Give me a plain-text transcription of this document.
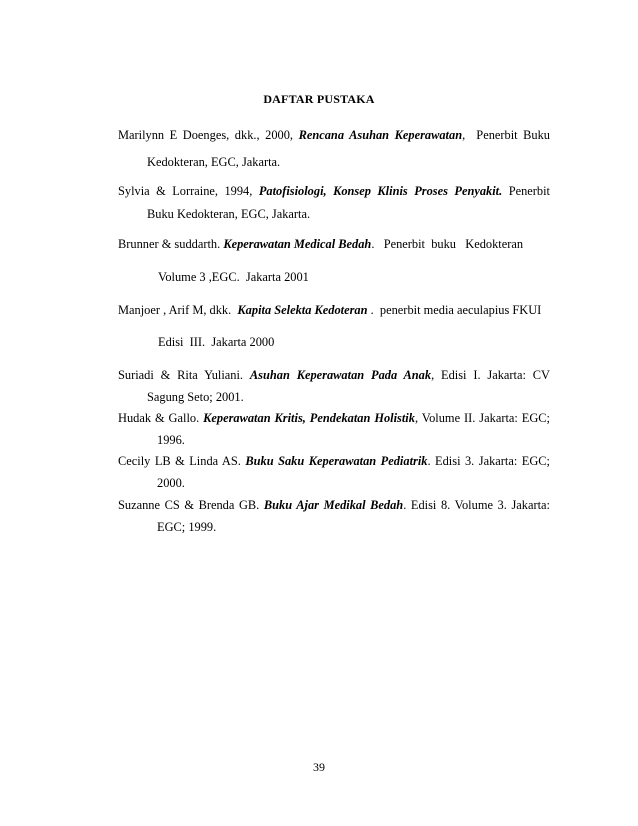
DAFTAR PUSTAKA
Marilynn E Doenges, dkk., 2000, Rencana Asuhan Keperawatan,  Penerbit Buku
Kedokteran, EGC, Jakarta.
Sylvia & Lorraine, 1994, Patofisiologi, Konsep Klinis Proses Penyakit. Penerbit
Buku Kedokteran, EGC, Jakarta.
Brunner & suddarth. Keperawatan Medical Bedah.   Penerbit  buku   Kedokteran
Volume 3 ,EGC.  Jakarta 2001
Manjoer , Arif M, dkk.  Kapita Selekta Kedoteran .  penerbit media aeculapius FKUI
Edisi  III.  Jakarta 2000
Suriadi & Rita Yuliani. Asuhan Keperawatan Pada Anak, Edisi I. Jakarta: CV
Sagung Seto; 2001.
Hudak & Gallo. Keperawatan Kritis, Pendekatan Holistik, Volume II. Jakarta: EGC;
1996.
Cecily LB & Linda AS. Buku Saku Keperawatan Pediatrik. Edisi 3. Jakarta: EGC;
2000.
Suzanne CS & Brenda GB. Buku Ajar Medikal Bedah. Edisi 8. Volume 3. Jakarta:
EGC; 1999.
39
